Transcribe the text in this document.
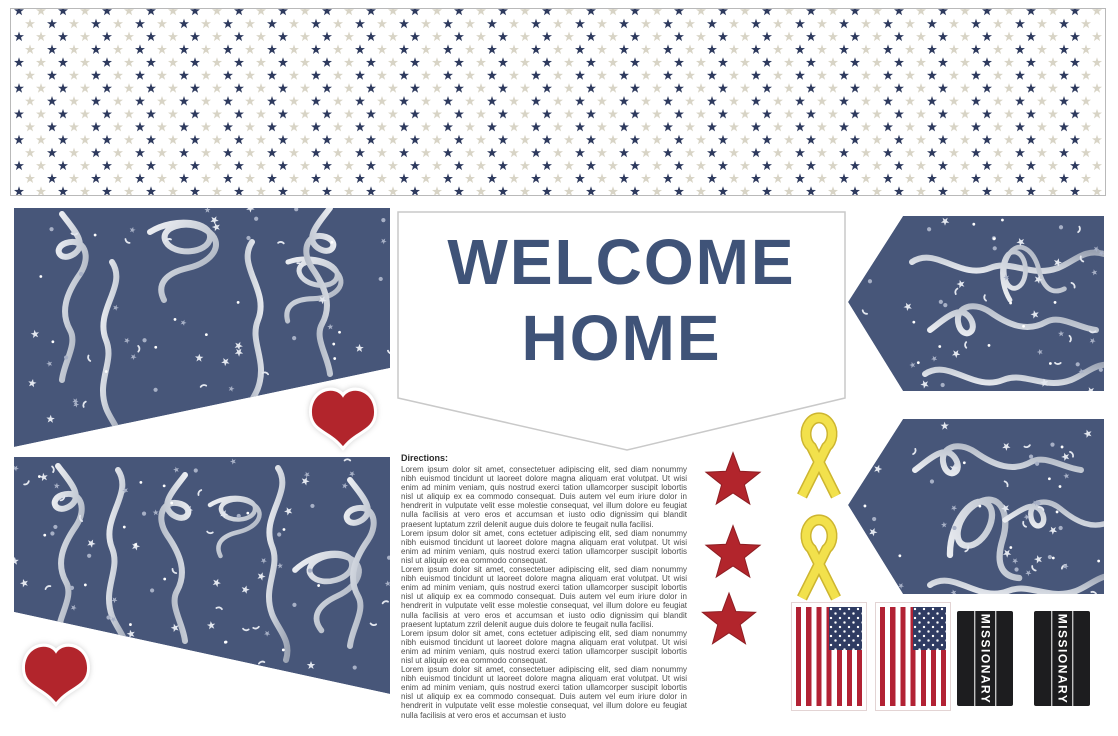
WELCOME
HOME
Directions:

Lorem ipsum dolor sit amet, consectetuer adipiscing elit, sed diam nonummy nibh euismod tincidunt ut laoreet dolore magna aliquam erat volutpat. Ut wisi enim ad minim veniam, quis nostrud exerci tation ullamcorper suscipit lobortis nisl ut aliquip ex ea commodo consequat. Duis autem vel eum iriure dolor in hendrerit in vulputate velit esse molestie consequat, vel illum dolore eu feugiat nulla facilisis at vero eros et accumsan et iusto odio dignissim qui blandit praesent luptatum zzril delenit augue duis dolore te feugait nulla facilisi.

Lorem ipsum dolor sit amet, cons ectetuer adipiscing elit, sed diam nonummy nibh euismod tincidunt ut laoreet dolore magna aliquam erat volutpat. Ut wisi enim ad minim veniam, quis nostrud exerci tation ullamcorper suscipit lobortis nisl ut aliquip ex ea commodo consequat.

Lorem ipsum dolor sit amet, consectetuer adipiscing elit, sed diam nonummy nibh euismod tincidunt ut laoreet dolore magna aliquam erat volutpat. Ut wisi enim ad minim veniam, quis nostrud exerci tation ullamcorper suscipit lobortis nisl ut aliquip ex ea commodo consequat. Duis autem vel eum iriure dolor in hendrerit in vulputate velit esse molestie consequat, vel illum dolore eu feugiat nulla facilisis at vero eros et accumsan et iusto odio dignissim qui blandit praesent luptatum zzril delenit augue duis dolore te feugait nulla facilisi.

Lorem ipsum dolor sit amet, cons ectetuer adipiscing elit, sed diam nonummy nibh euismod tincidunt ut laoreet dolore magna aliquam erat volutpat. Ut wisi enim ad minim veniam, quis nostrud exerci tation ullamcorper suscipit lobortis nisl ut aliquip ex ea commodo consequat.

Lorem ipsum dolor sit amet, consectetuer adipiscing elit, sed diam nonummy nibh euismod tincidunt ut laoreet dolore magna aliquam erat volutpat. Ut wisi enim ad minim veniam, quis nostrud exerci tation ullamcorper suscipit lobortis nisl ut aliquip ex ea commodo consequat. Duis autem vel eum iriure dolor in hendrerit in vulputate velit esse molestie consequat, vel illum dolore eu feugiat nulla facilisis at vero eros et accumsan et iusto

MISSIONARY	MISSIONARY
